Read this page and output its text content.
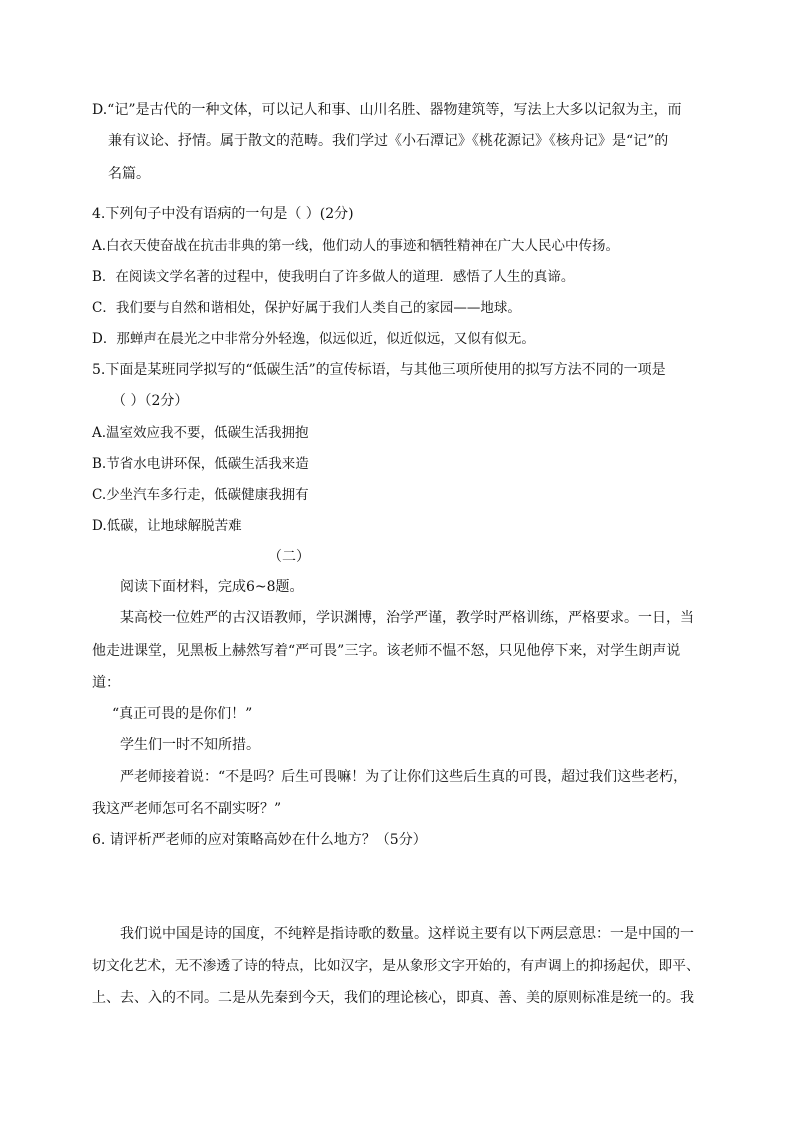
D.“记”是古代的一种文体，可以记人和事、山川名胜、器物建筑等，写法上大多以记叙为主，而

兼有议论、抒情。属于散文的范畴。我们学过《小石潭记》《桃花源记》《核舟记》是“记”的

名篇。

4.下列句子中没有语病的一句是（ ）(2分)

A.白衣天使奋战在抗击非典的第一线，他们动人的事迹和牺牲精神在广大人民心中传扬。

B．在阅读文学名著的过程中，使我明白了许多做人的道理．感悟了人生的真谛。

C．我们要与自然和谐相处，保护好属于我们人类自己的家园——地球。

D．那蝉声在晨光之中非常分外轻逸，似远似近，似近似远，又似有似无。

5.下面是某班同学拟写的“低碳生活”的宣传标语，与其他三项所使用的拟写方法不同的一项是

（ ）（2分）

A.温室效应我不要，低碳生活我拥抱

B.节省水电讲环保，低碳生活我来造

C.少坐汽车多行走，低碳健康我拥有

D.低碳，让地球解脱苦难

（二）

阅读下面材料，完成6~8题。

某高校一位姓严的古汉语教师，学识渊博，治学严谨，教学时严格训练，严格要求。一日，当

他走进课堂，见黑板上赫然写着“严可畏”三字。该老师不愠不怒，只见他停下来，对学生朗声说

道：

“真正可畏的是你们！”

学生们一时不知所措。

严老师接着说：“不是吗？后生可畏嘛！为了让你们这些后生真的可畏，超过我们这些老朽，

我这严老师怎可名不副实呀？”

6. 请评析严老师的应对策略高妙在什么地方？（5分）

我们说中国是诗的国度，不纯粹是指诗歌的数量。这样说主要有以下两层意思：一是中国的一

切文化艺术，无不渗透了诗的特点，比如汉字，是从象形文字开始的，有声调上的抑扬起伏，即平、

上、去、入的不同。二是从先秦到今天，我们的理论核心，即真、善、美的原则标准是统一的。我
